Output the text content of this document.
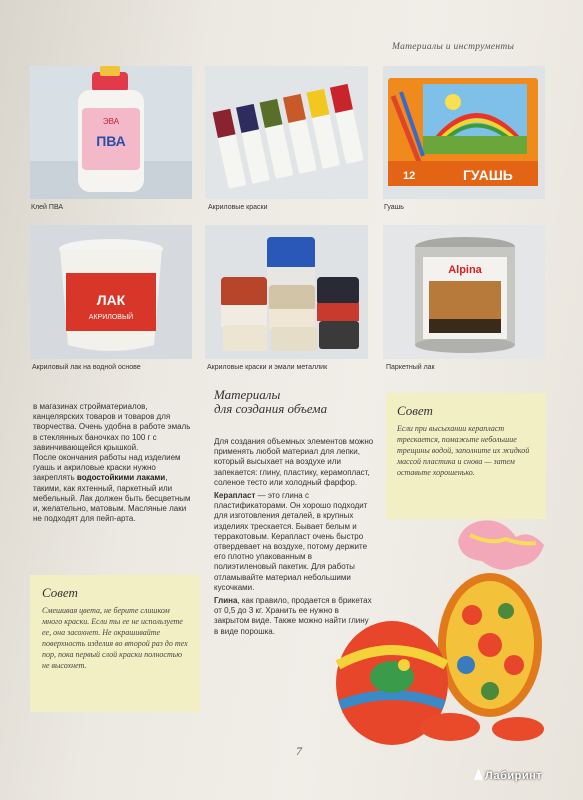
Материалы и инструменты
ЭВА
ПВА
Клей ПВА	Акриловые краски
12	ГУАШЬ
Гуашь
ЛАК
АКРИЛОВЫЙ
Акриловый лак на водной основе	Акриловые краски и эмали металлик
Alpina
Паркетный лак
в магазинах стройматериалов, канцелярских товаров и товаров для творчества. Очень удобна в работе эмаль в стеклянных баночках по 100 г с завинчивающейся крышкой.
После окончания работы над изделием гуашь и акриловые краски нужно закреплять водостойкими лаками, такими, как яхтенный, паркетный или мебельный. Лак должен быть бесцветным и, желательно, матовым. Масляные лаки не подходят для пейп-арта.
Совет
Смешивая цвета, не берите слишком много краски. Если ты ее не используете ее, она засохнет. Не окрашивайте поверхность изделия во второй раз до тех пор, пока первый слой краски полностью не высохнет.
Материалы
для создания объема

Для создания объемных элементов можно применять любой материал для лепки, который высыхает на воздухе или запекается: глину, пластику, керамопласт, соленое тесто или холодный фарфор.

Керапласт — это глина с пластификаторами. Он хорошо подходит для изготовления деталей, в крупных изделиях трескается. Бывает белым и терракотовым. Керапласт очень быстро отвердевает на воздухе, потому держите его плотно упакованным в полиэтиленовый пакетик. Для работы отламывайте материал небольшими кусочками.

Глина, как правило, продается в брикетах от 0,5 до 3 кг. Хранить ее нужно в закрытом виде. Также можно найти глину в виде порошка.

Совет
Если при высыхании керапласт трескается, помажьте небольшие трещины водой, заполните их жидкой массой пластика и снова — затем оставьте хорошенько.
7
Лабиринт
